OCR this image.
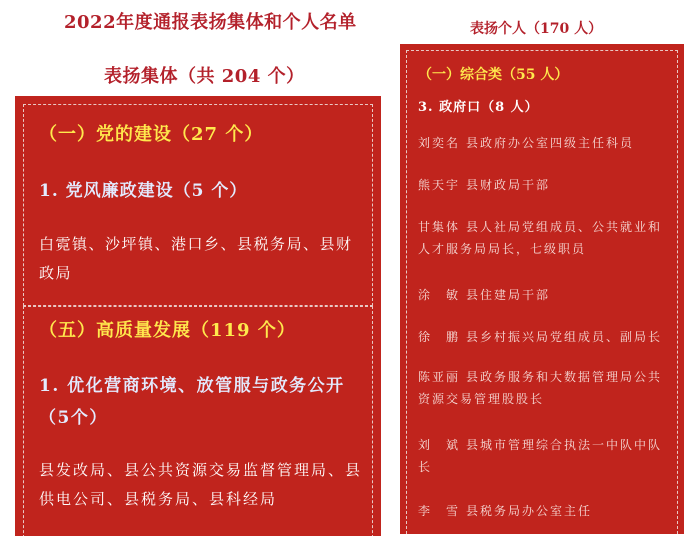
2022年度通报表扬集体和个人名单
表扬集体（共 204 个）
表扬个人（170 人）
（一）党的建设（27 个）
1. 党风廉政建设（5 个）
白霓镇、沙坪镇、港口乡、县税务局、县财政局
（五）高质量发展（119 个）
1. 优化营商环境、放管服与政务公开（5个）
县发改局、县公共资源交易监督管理局、县供电公司、县税务局、县科经局
（一）综合类（55 人）
3. 政府口（8 人）
刘奕名 县政府办公室四级主任科员
熊天宇 县财政局干部
甘集体 县人社局党组成员、公共就业和人才服务局局长，七级职员
涂　敏 县住建局干部
徐　鹏 县乡村振兴局党组成员、副局长
陈亚丽 县政务服务和大数据管理局公共资源交易管理股股长
刘　斌 县城市管理综合执法一中队中队长
李　雪 县税务局办公室主任
